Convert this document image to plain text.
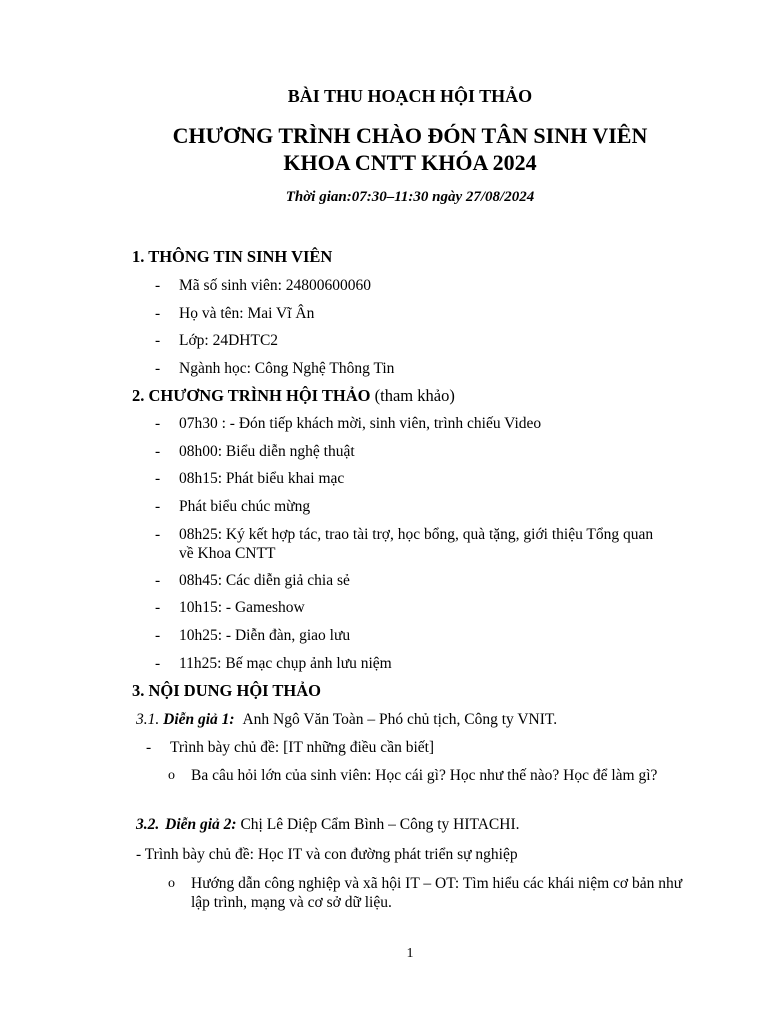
BÀI THU HOẠCH HỘI THẢO
CHƯƠNG TRÌNH CHÀO ĐÓN TÂN SINH VIÊN
KHOA CNTT KHÓA 2024
Thời gian:07:30–11:30 ngày 27/08/2024
1. THÔNG TIN SINH VIÊN
- Mã số sinh viên: 24800600060
- Họ và tên: Mai Vĩ Ân
- Lớp: 24DHTC2
- Ngành học: Công Nghệ Thông Tin
2. CHƯƠNG TRÌNH HỘI THẢO (tham khảo)
- 07h30 : - Đón tiếp khách mời, sinh viên, trình chiếu Video
- 08h00: Biểu diễn nghệ thuật
- 08h15: Phát biểu khai mạc
- Phát biểu chúc mừng
- 08h25: Ký kết hợp tác, trao tài trợ, học bổng, quà tặng, giới thiệu Tổng quan về Khoa CNTT
- 08h45: Các diễn giả chia sẻ
- 10h15: - Gameshow
- 10h25: - Diễn đàn, giao lưu
- 11h25: Bế mạc chụp ảnh lưu niệm
3. NỘI DUNG HỘI THẢO
3.1. Diễn giả 1: Anh Ngô Văn Toàn – Phó chủ tịch, Công ty VNIT.
- Trình bày chủ đề: [IT những điều cần biết]
o Ba câu hỏi lớn của sinh viên: Học cái gì? Học như thế nào? Học để làm gì?
3.2. Diễn giả 2: Chị Lê Diệp Cẩm Bình – Công ty HITACHI.
- Trình bày chủ đề: Học IT và con đường phát triển sự nghiệp
o Hướng dẫn công nghiệp và xã hội IT – OT: Tìm hiểu các khái niệm cơ bản như lập trình, mạng và cơ sở dữ liệu.
1
